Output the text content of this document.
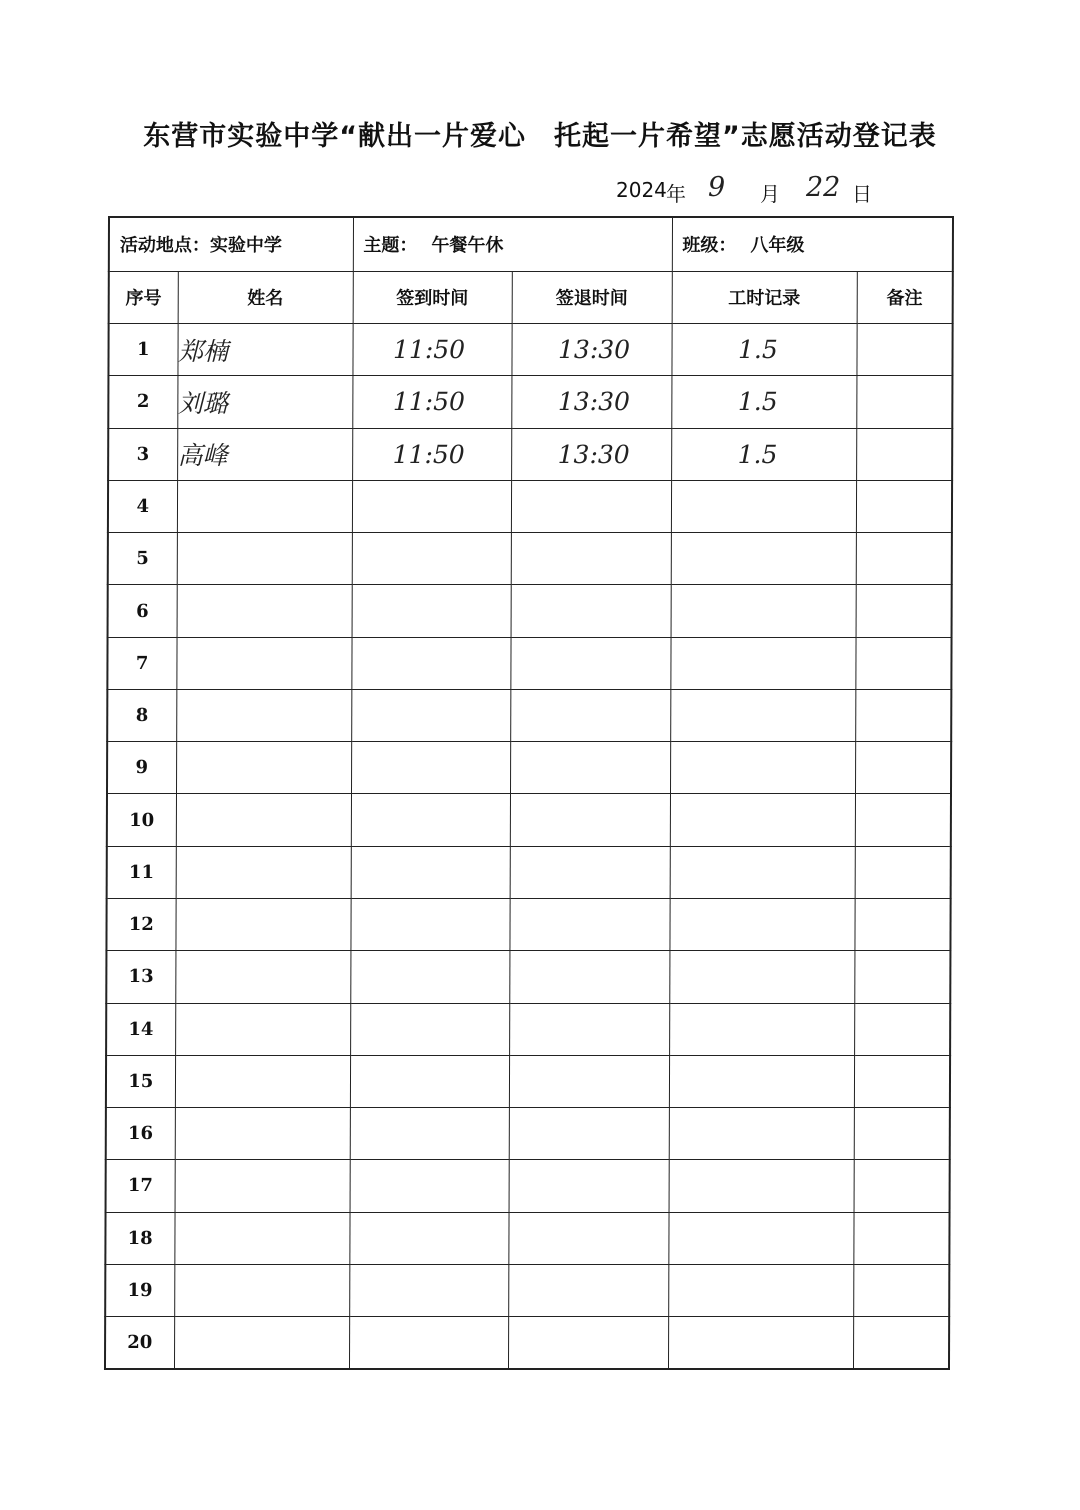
东营市实验中学“献出一片爱心　托起一片希望”志愿活动登记表
2024 年 9 月 22 日
活动地点：实验中学		主题： 午餐午休		班级： 八年级	
序号	姓名	签到时间	签退时间	工时记录	备注
1	郑楠	11:50	13:30	1.5	
2	刘璐	11:50	13:30	1.5	
3	高峰	11:50	13:30	1.5	
4					
5					
6					
7					
8					
9					
10					
11					
12					
13					
14					
15					
16					
17					
18					
19					
20					
